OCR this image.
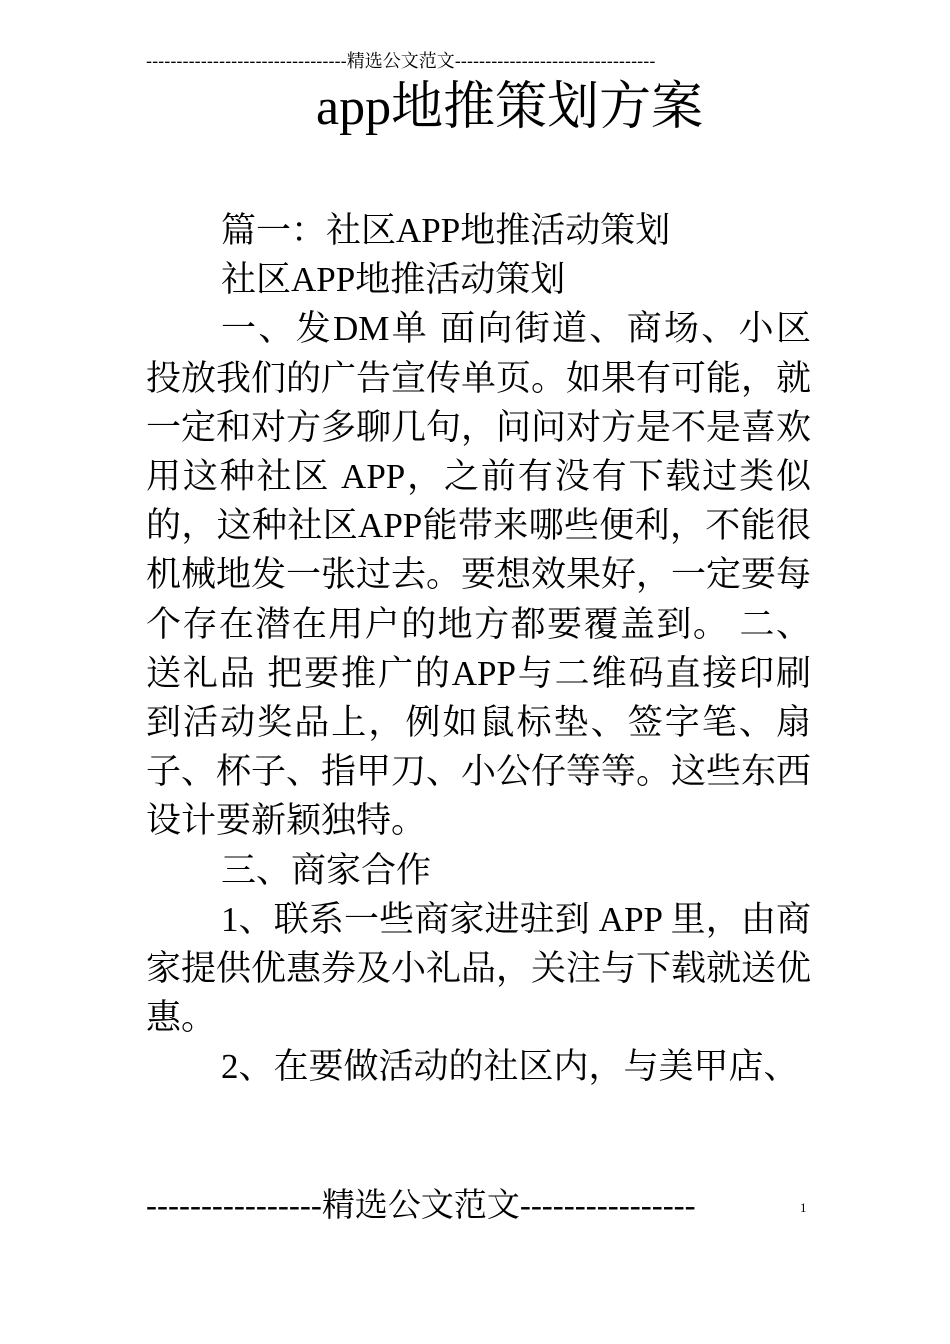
---------------------------------精选公文范文---------------------------------
app地推策划方案

篇一：社区APP地推活动策划

社区APP地推活动策划

一、发DM单 面向街道、商场、小区投放我们的广告宣传单页。如果有可能，就一定和对方多聊几句，问问对方是不是喜欢用这种社区 APP，之前有没有下载过类似的，这种社区APP能带来哪些便利，不能很机械地发一张过去。要想效果好，一定要每个存在潜在用户的地方都要覆盖到。 二、送礼品 把要推广的APP与二维码直接印刷到活动奖品上，例如鼠标垫、签字笔、扇子、杯子、指甲刀、小公仔等等。这些东西设计要新颖独特。

三、商家合作

1、联系一些商家进驻到 APP 里，由商家提供优惠券及小礼品，关注与下载就送优惠。

2、在要做活动的社区内，与美甲店、

----------------精选公文范文----------------	1
